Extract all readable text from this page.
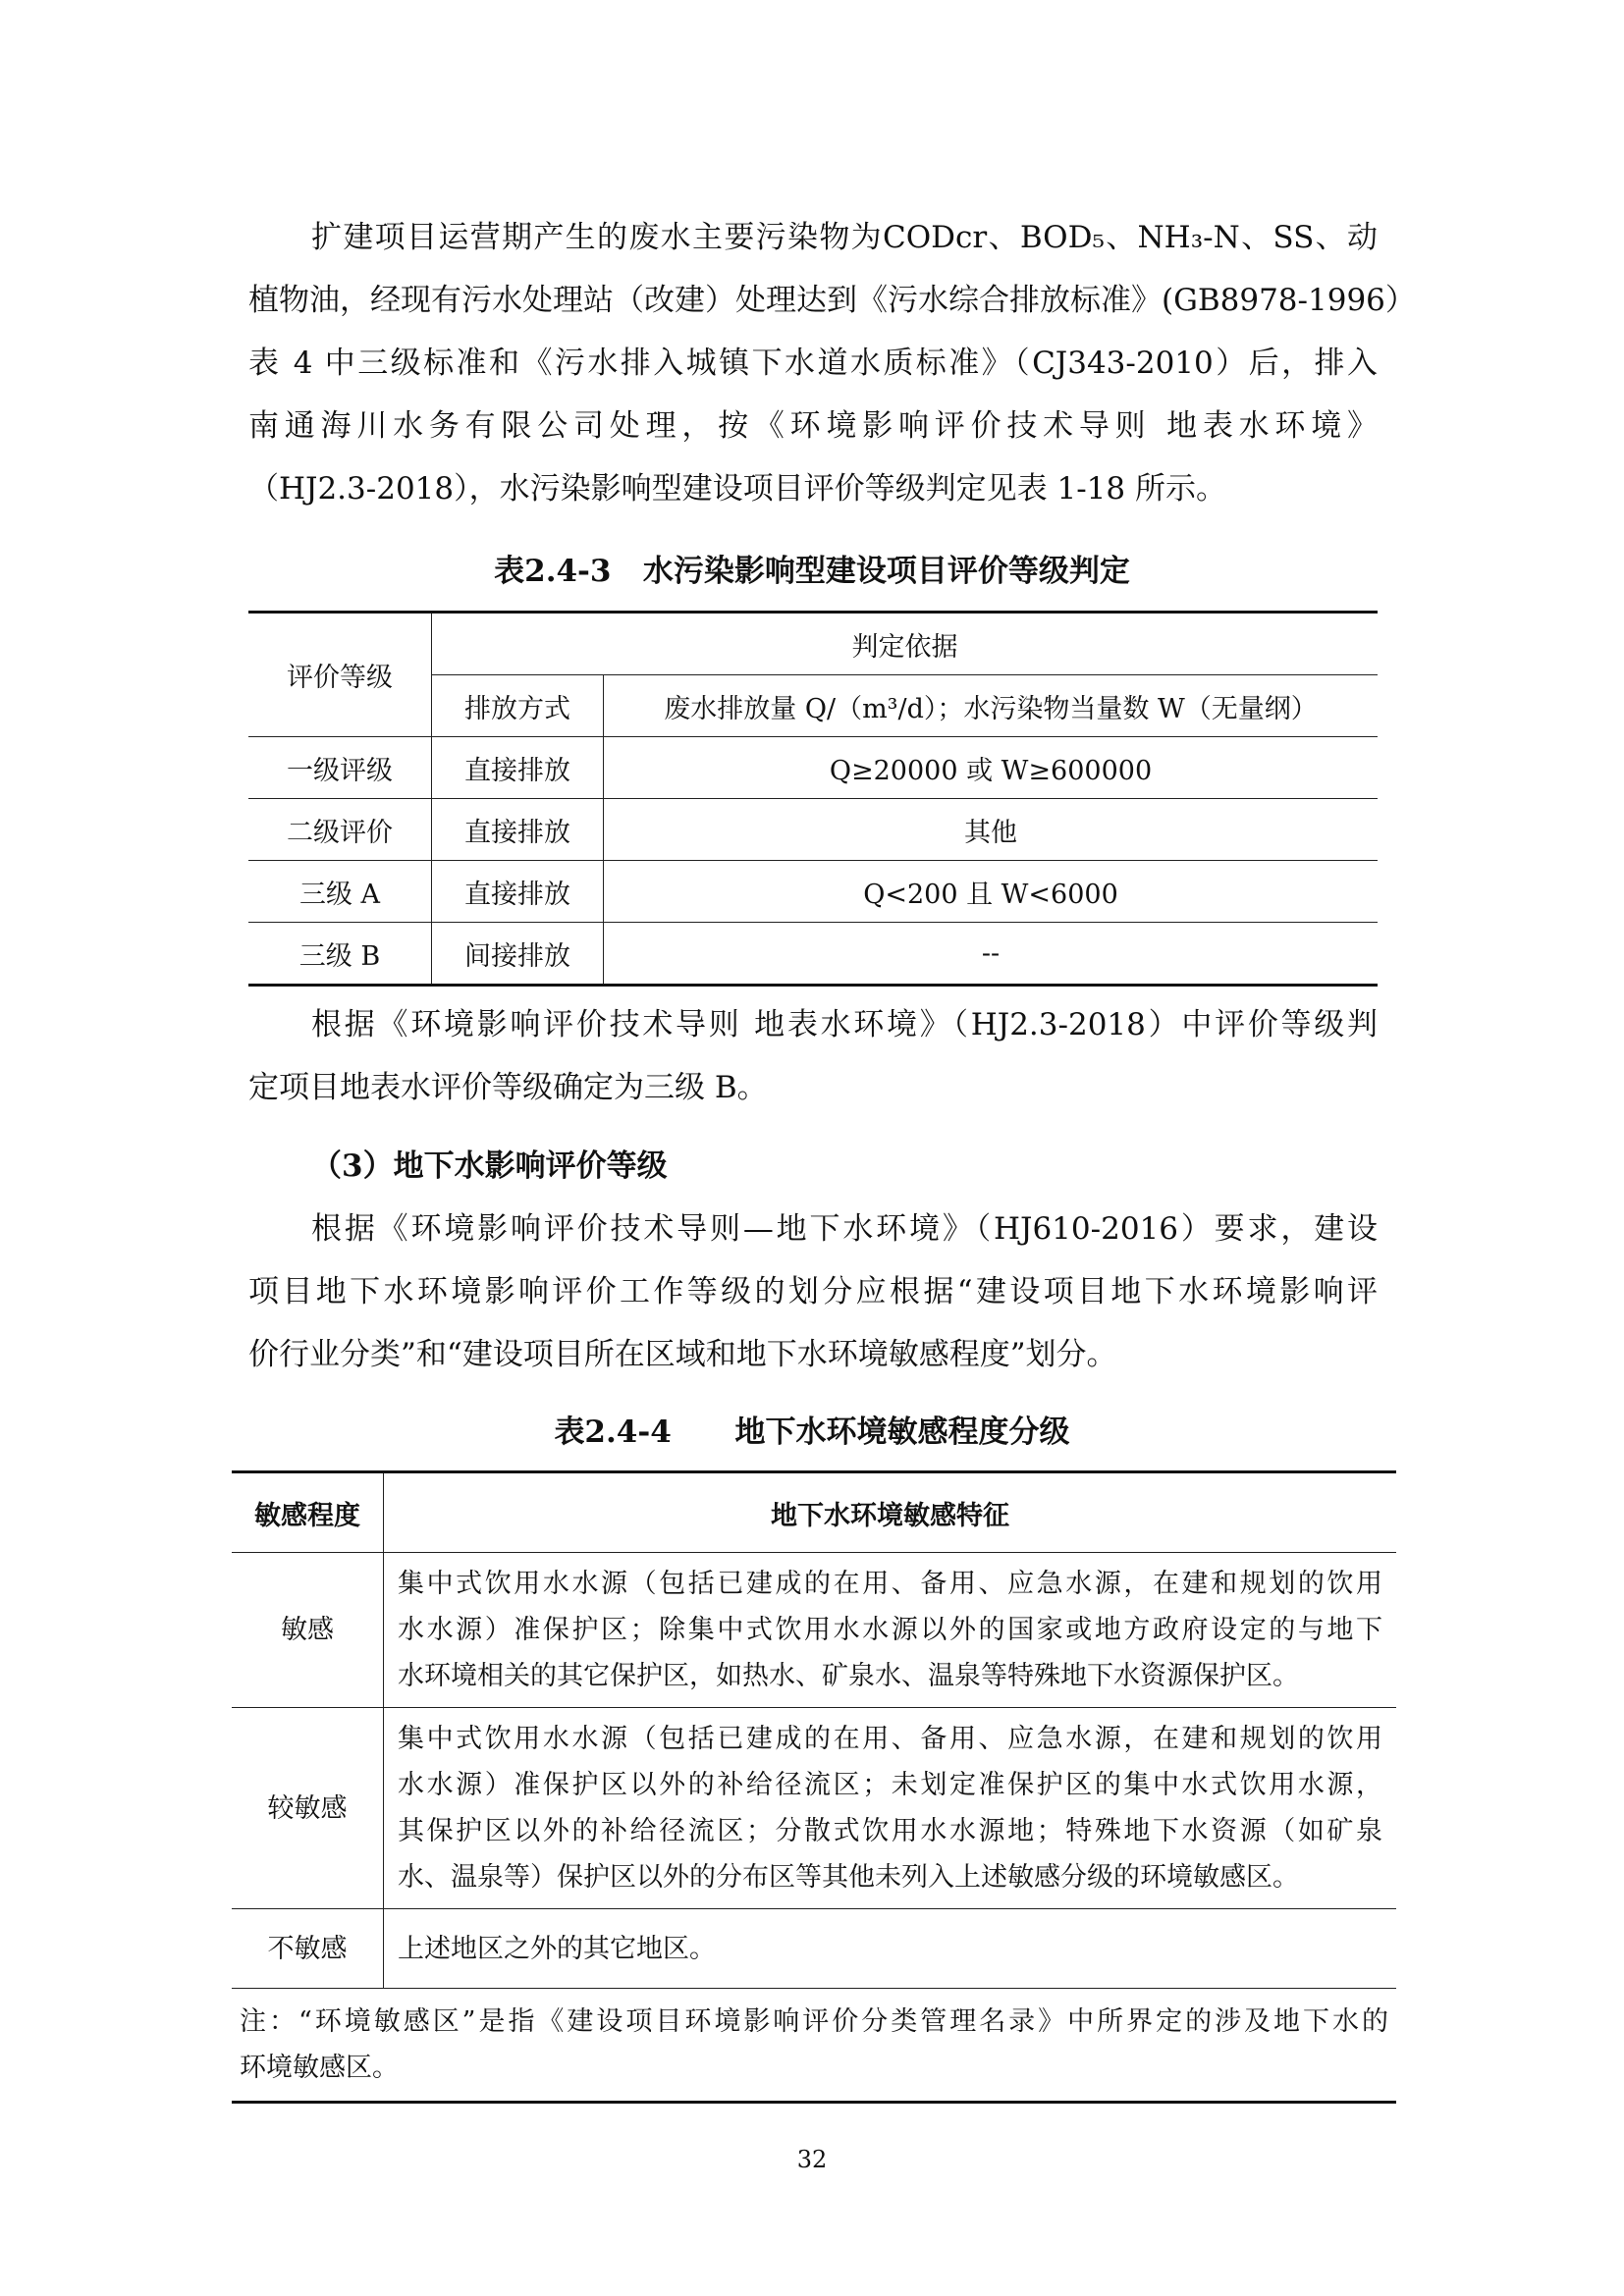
扩建项目运营期产生的废水主要污染物为CODcr、BOD₅、NH₃-N、SS、动
植物油，经现有污水处理站（改建）处理达到《污水综合排放标准》(GB8978-1996）
表 4 中三级标准和《污水排入城镇下水道水质标准》（CJ343-2010）后，排入
南通海川水务有限公司处理，按《环境影响评价技术导则 地表水环境》
（HJ2.3-2018），水污染影响型建设项目评价等级判定见表 1-18 所示。

表2.4-3   水污染影响型建设项目评价等级判定

评价等级	判定依据	
	排放方式	废水排放量 Q/（m³/d）；水污染物当量数 W（无量纲）
一级评级	直接排放	Q≥20000 或 W≥600000
二级评价	直接排放	其他
三级 A	直接排放	Q<200 且 W<6000
三级 B	间接排放	--

根据《环境影响评价技术导则 地表水环境》（HJ2.3-2018）中评价等级判
定项目地表水评价等级确定为三级 B。

（3）地下水影响评价等级

根据《环境影响评价技术导则—地下水环境》（HJ610-2016）要求，建设
项目地下水环境影响评价工作等级的划分应根据“建设项目地下水环境影响评
价行业分类”和“建设项目所在区域和地下水环境敏感程度”划分。

表2.4-4      地下水环境敏感程度分级

敏感程度	地下水环境敏感特征
敏感	集中式饮用水水源（包括已建成的在用、备用、应急水源，在建和规划的饮用
水水源）准保护区；除集中式饮用水水源以外的国家或地方政府设定的与地下
水环境相关的其它保护区，如热水、矿泉水、温泉等特殊地下水资源保护区。

较敏感	集中式饮用水水源（包括已建成的在用、备用、应急水源，在建和规划的饮用
水水源）准保护区以外的补给径流区；未划定准保护区的集中水式饮用水源，
其保护区以外的补给径流区；分散式饮用水水源地；特殊地下水资源（如矿泉
水、温泉等）保护区以外的分布区等其他未列入上述敏感分级的环境敏感区。

不敏感	上述地区之外的其它地区。

注：“环境敏感区”是指《建设项目环境影响评价分类管理名录》中所界定的涉及地下水的
环境敏感区。	
32
